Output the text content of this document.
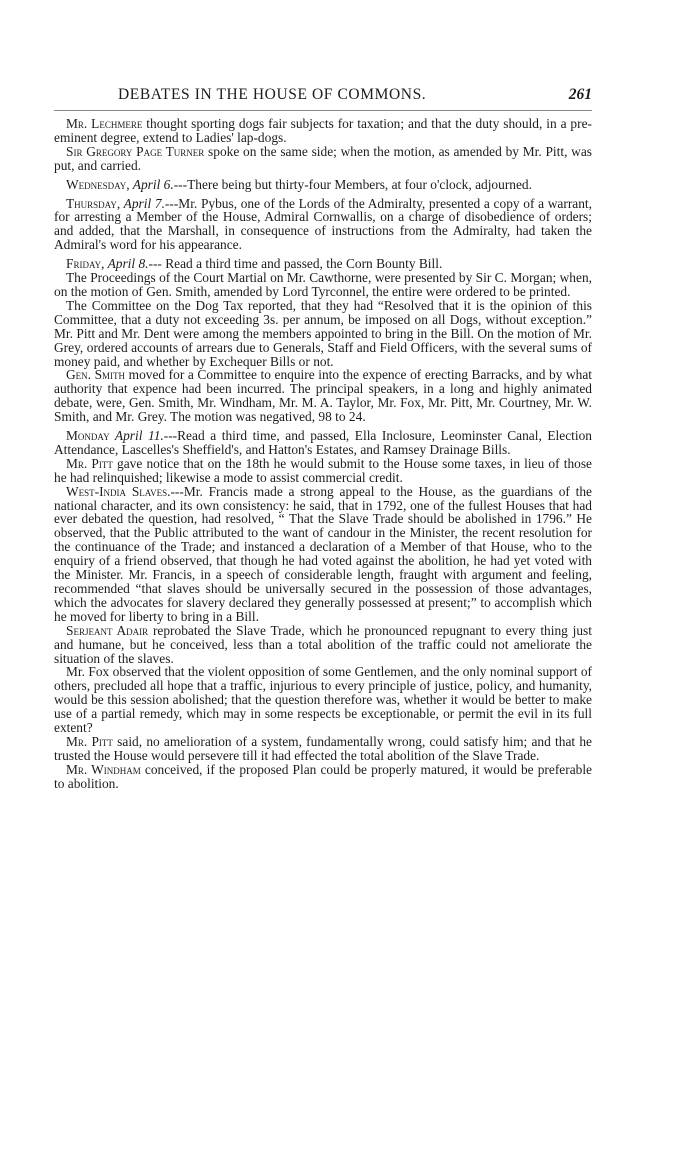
DEBATES IN THE HOUSE OF COMMONS.	261

Mr. Lechmere thought sporting dogs fair subjects for taxation; and that the duty should, in a pre-eminent degree, extend to Ladies' lap-dogs.

Sir Gregory Page Turner spoke on the same side; when the motion, as amended by Mr. Pitt, was put, and carried.

Wednesday, April 6.---There being but thirty-four Members, at four o'clock, adjourned.

Thursday, April 7.---Mr. Pybus, one of the Lords of the Admiralty, presented a copy of a warrant, for arresting a Member of the House, Admiral Cornwallis, on a charge of disobedience of orders; and added, that the Marshall, in consequence of instructions from the Admiralty, had taken the Admiral's word for his appearance.

Friday, April 8.--- Read a third time and passed, the Corn Bounty Bill.

The Proceedings of the Court Martial on Mr. Cawthorne, were presented by Sir C. Morgan; when, on the motion of Gen. Smith, amended by Lord Tyrconnel, the entire were ordered to be printed.

The Committee on the Dog Tax reported, that they had “Resolved that it is the opinion of this Committee, that a duty not exceeding 3s. per annum, be imposed on all Dogs, without exception.” Mr. Pitt and Mr. Dent were among the members appointed to bring in the Bill. On the motion of Mr. Grey, ordered accounts of arrears due to Generals, Staff and Field Officers, with the several sums of money paid, and whether by Exchequer Bills or not.

Gen. Smith moved for a Committee to enquire into the expence of erecting Barracks, and by what authority that expence had been incurred. The principal speakers, in a long and highly animated debate, were, Gen. Smith, Mr. Windham, Mr. M. A. Taylor, Mr. Fox, Mr. Pitt, Mr. Courtney, Mr. W. Smith, and Mr. Grey. The motion was negatived, 98 to 24.

Monday April 11.---Read a third time, and passed, Ella Inclosure, Leominster Canal, Election Attendance, Lascelles's Sheffield's, and Hatton's Estates, and Ramsey Drainage Bills.

Mr. Pitt gave notice that on the 18th he would submit to the House some taxes, in lieu of those he had relinquished; likewise a mode to assist commercial credit.

West-India Slaves.---Mr. Francis made a strong appeal to the House, as the guardians of the national character, and its own consistency: he said, that in 1792, one of the fullest Houses that had ever debated the question, had resolved, “ That the Slave Trade should be abolished in 1796.” He observed, that the Public attributed to the want of candour in the Minister, the recent resolution for the continuance of the Trade; and instanced a declaration of a Member of that House, who to the enquiry of a friend observed, that though he had voted against the abolition, he had yet voted with the Minister. Mr. Francis, in a speech of considerable length, fraught with argument and feeling, recommended “that slaves should be universally secured in the possession of those advantages, which the advocates for slavery declared they generally possessed at present;” to accomplish which he moved for liberty to bring in a Bill.

Serjeant Adair reprobated the Slave Trade, which he pronounced repugnant to every thing just and humane, but he conceived, less than a total abolition of the traffic could not ameliorate the situation of the slaves.

Mr. Fox observed that the violent opposition of some Gentlemen, and the only nominal support of others, precluded all hope that a traffic, injurious to every principle of justice, policy, and humanity, would be this session abolished; that the question therefore was, whether it would be better to make use of a partial remedy, which may in some respects be exceptionable, or permit the evil in its full extent?

Mr. Pitt said, no amelioration of a system, fundamentally wrong, could satisfy him; and that he trusted the House would persevere till it had effected the total abolition of the Slave Trade.

Mr. Windham conceived, if the proposed Plan could be properly matured, it would be preferable to abolition.
